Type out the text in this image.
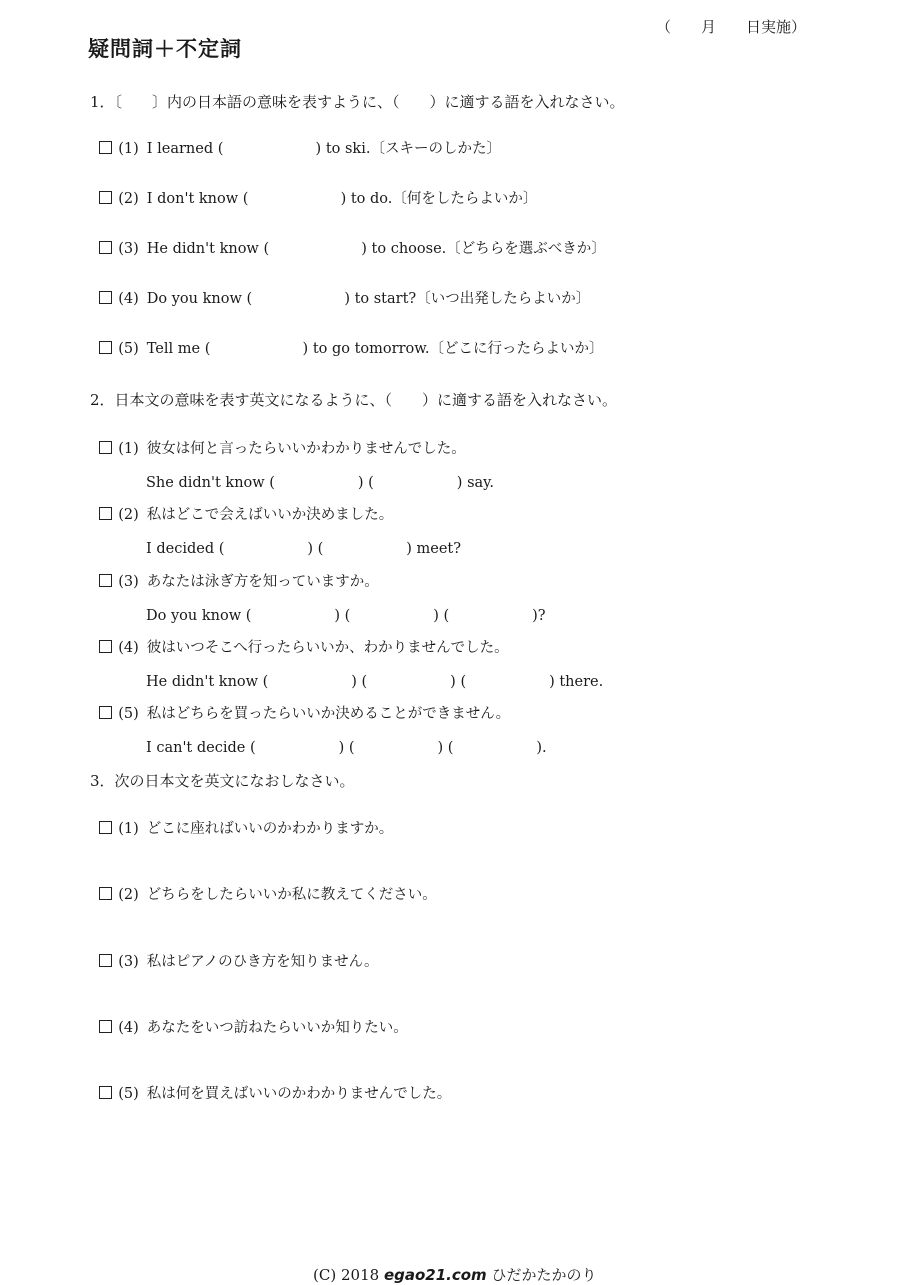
（　　月　　日実施）
疑問詞＋不定詞
1．〔　　〕内の日本語の意味を表すように、（　　）に適する語を入れなさい。

(1) I learned (                    ) to ski.〔スキーのしかた〕

(2) I don't know (                    ) to do.〔何をしたらよいか〕

(3) He didn't know (                    ) to choose.〔どちらを選ぶべきか〕

(4) Do you know (                    ) to start?〔いつ出発したらよいか〕

(5) Tell me (                    ) to go tomorrow.〔どこに行ったらよいか〕

2．日本文の意味を表す英文になるように、（　　）に適する語を入れなさい。

(1) 彼女は何と言ったらいいかわかりませんでした。

She didn't know (                  ) (                  ) say.

(2) 私はどこで会えばいいか決めました。

I decided (                  ) (                  ) meet?

(3) あなたは泳ぎ方を知っていますか。

Do you know (                  ) (                  ) (                  )?

(4) 彼はいつそこへ行ったらいいか、わかりませんでした。

He didn't know (                  ) (                  ) (                  ) there.

(5) 私はどちらを買ったらいいか決めることができません。

I can't decide (                  ) (                  ) (                  ).

3．次の日本文を英文になおしなさい。

(1) どこに座ればいいのかわかりますか。

(2) どちらをしたらいいか私に教えてください。

(3) 私はピアノのひき方を知りません。

(4) あなたをいつ訪ねたらいいか知りたい。

(5) 私は何を買えばいいのかわかりませんでした。

(C) 2018 egao21.com ひだかたかのり
